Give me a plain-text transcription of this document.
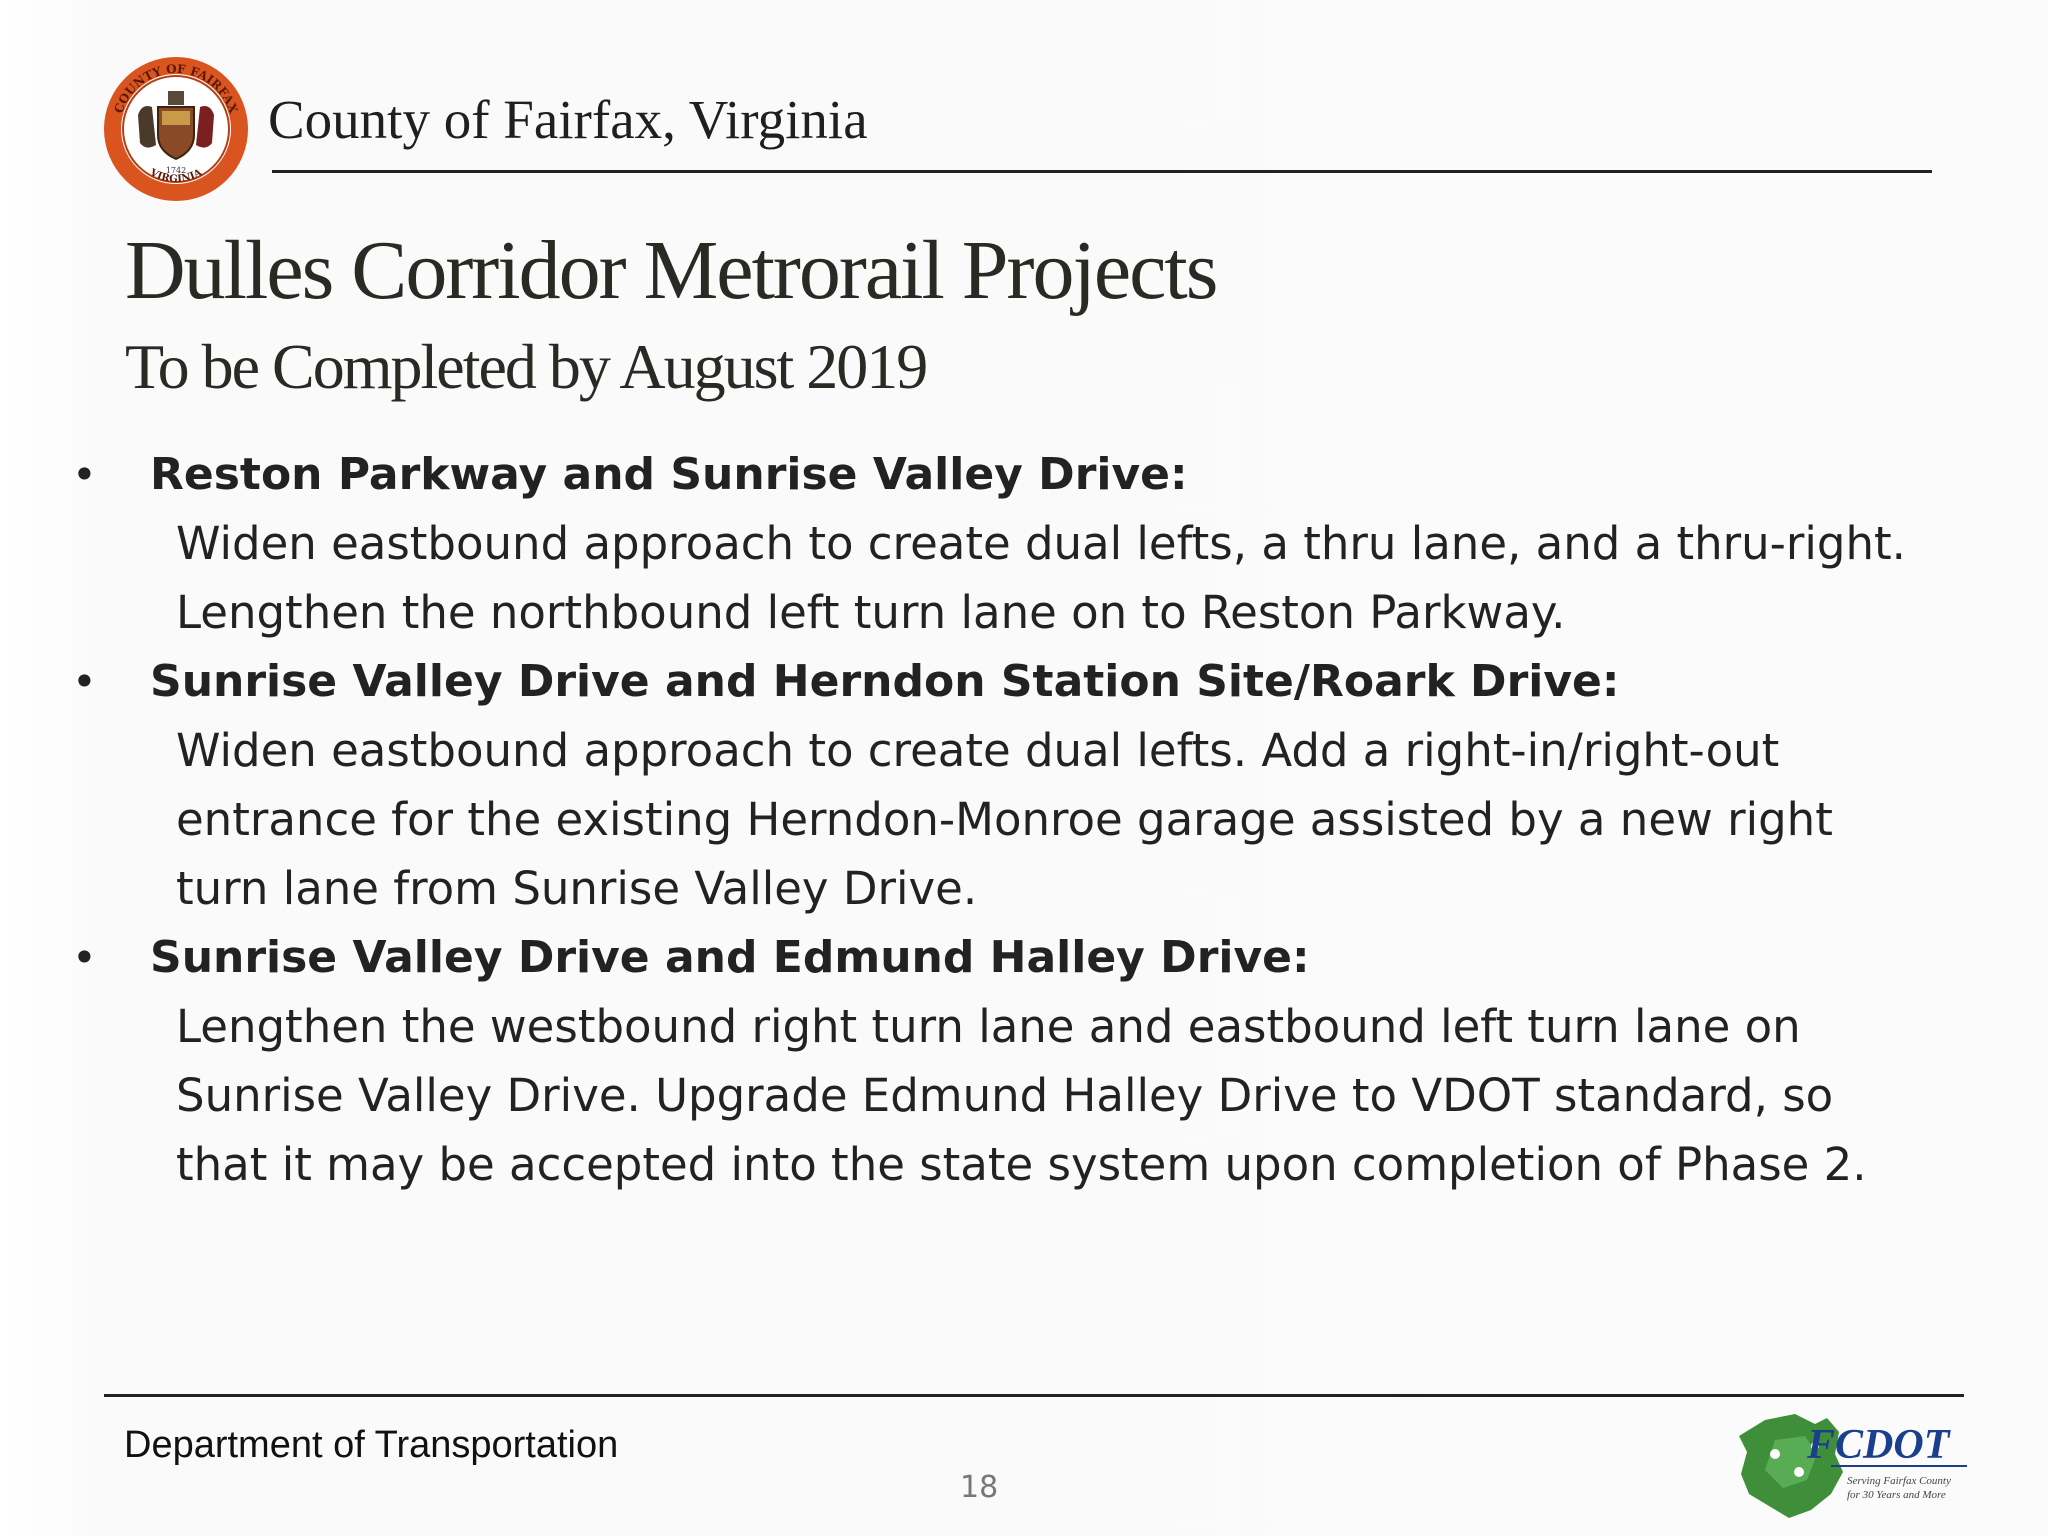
COUNTY OF FAIRFAX
VIRGINIA
1742
County of Fairfax, Virginia
Dulles Corridor Metrorail Projects
To be Completed by August 2019
• Reston Parkway and Sunrise Valley Drive:
Widen eastbound approach to create dual lefts, a thru lane, and a thru-right.
Lengthen the northbound left turn lane on to Reston Parkway.
• Sunrise Valley Drive and Herndon Station Site/Roark Drive:
Widen eastbound approach to create dual lefts. Add a right-in/right-out
entrance for the existing Herndon-Monroe garage assisted by a new right
turn lane from Sunrise Valley Drive.
• Sunrise Valley Drive and Edmund Halley Drive:
Lengthen the westbound right turn lane and eastbound left turn lane on
Sunrise Valley Drive. Upgrade Edmund Halley Drive to VDOT standard, so
that it may be accepted into the state system upon completion of Phase 2.
Department of Transportation
18
FCDOT
Serving Fairfax County
for 30 Years and More
